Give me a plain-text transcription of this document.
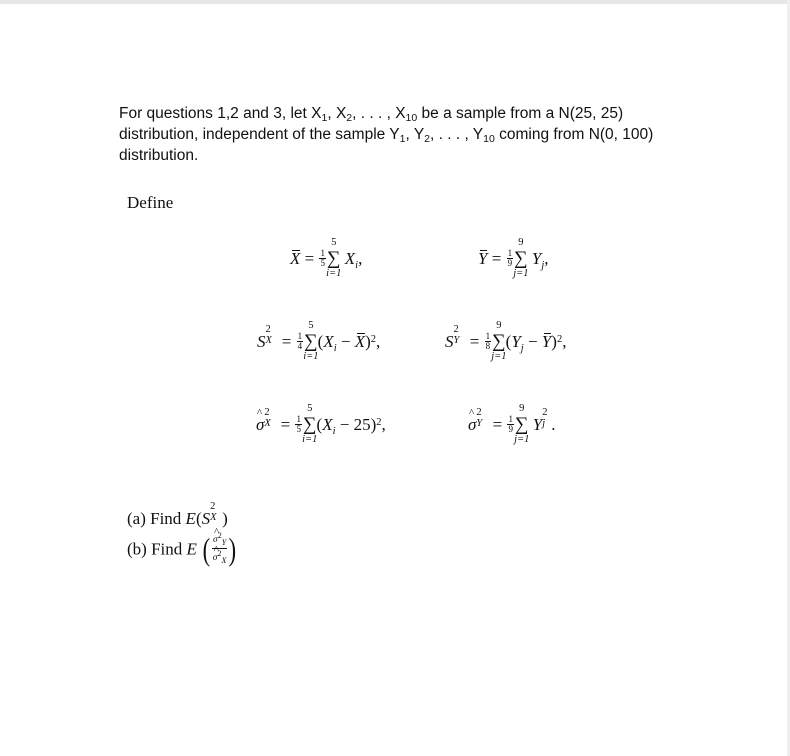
For questions 1,2 and 3, let $X_1$, $X_2$, . . . , $X_{10}$ be a sample from a N(25, 25) distribution, independent of the sample $Y_1$, $Y_2$, . . . , $Y_{10}$ coming from N(0, 100) distribution.
Define
$X = \frac{1}{5}$ ∑
5
i=1
$X_i$,	$Y = \frac{1}{9}$ ∑
9
j=1
$Y_j$,
S
2
$X = \frac{1}{4}$ ∑
5
i=1
$(X_i - X)^2$,	S
2
$Y = \frac{1}{8}$ ∑
9
j=1
$(Y_j - Y)^2$,
^ σ
2
$X = \frac{1}{5}$ ∑
5
i=1
$(X_i - 25)^2$,	^ σ
2
$Y = \frac{1}{9}$ ∑
9
j=1
Y
2
j .
(a) Find E(S
2
X )
(b) Find E ( ^ $\sigma^2_Y$
^ $\sigma^2_X$ )
